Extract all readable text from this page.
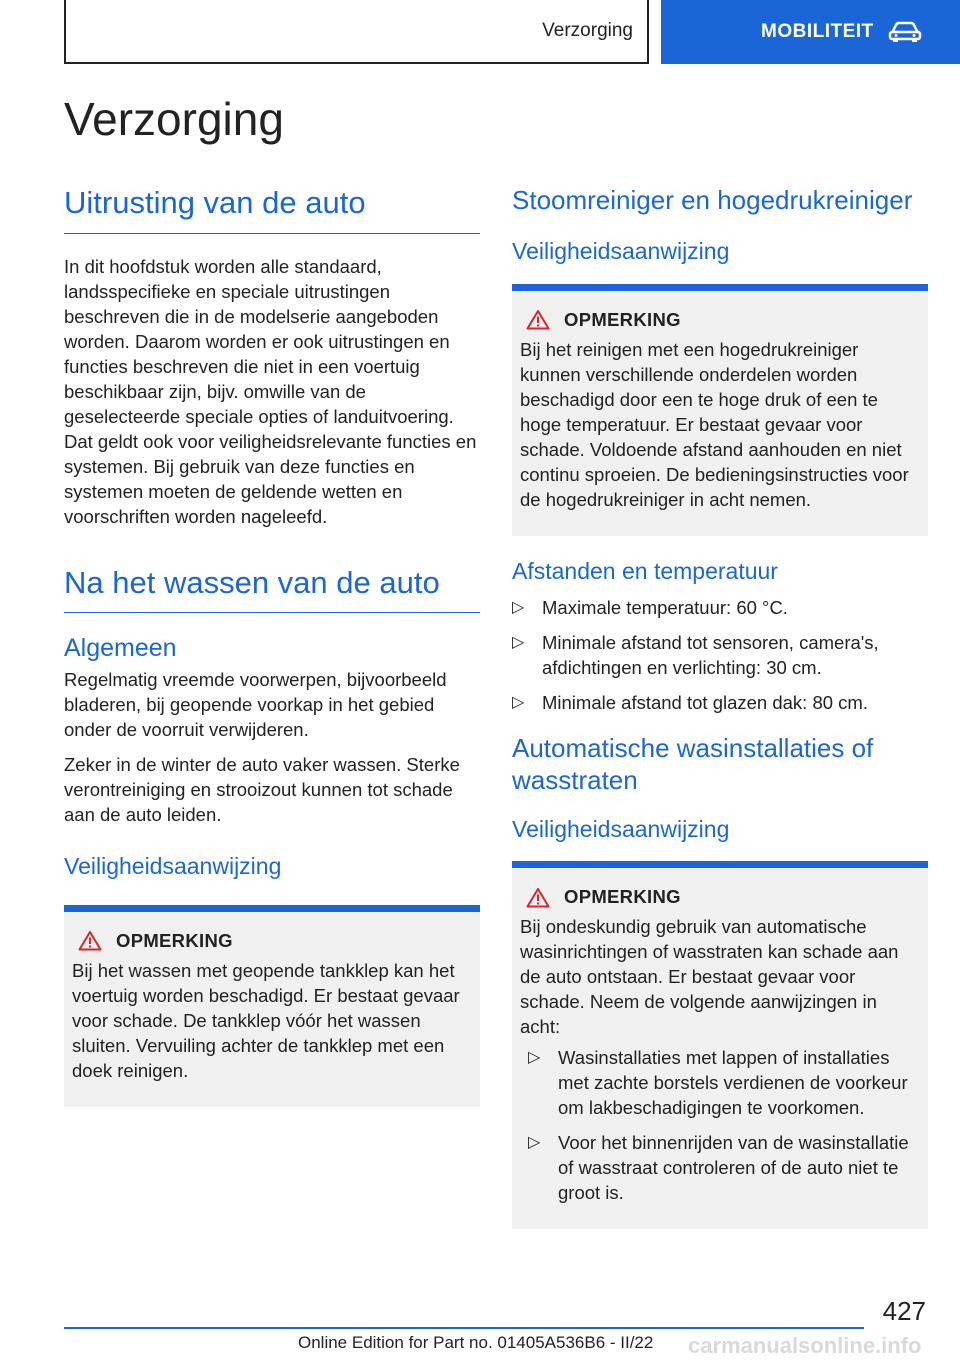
Verzorging	MOBILITEIT
Verzorging
Uitrusting van de auto

In dit hoofdstuk worden alle standaard, landsspecifieke en speciale uitrustingen beschreven die in de modelserie aangeboden worden. Daarom worden er ook uitrustingen en functies beschreven die niet in een voertuig beschikbaar zijn, bijv. omwille van de geselecteerde speciale opties of landuitvoering. Dat geldt ook voor veiligheidsrelevante functies en systemen. Bij gebruik van deze functies en systemen moeten de geldende wetten en voorschriften worden nageleefd.

Na het wassen van de auto
Algemeen

Regelmatig vreemde voorwerpen, bijvoorbeeld bladeren, bij geopende voorkap in het gebied onder de voorruit verwijderen.

Zeker in de winter de auto vaker wassen. Sterke verontreiniging en strooizout kunnen tot schade aan de auto leiden.

Veiligheidsaanwijzing
OPMERKING

Bij het wassen met geopende tankklep kan het voertuig worden beschadigd. Er bestaat gevaar voor schade. De tankklep vóór het wassen sluiten. Vervuiling achter de tankklep met een doek reinigen.

Stoomreiniger en hogedrukreiniger
Veiligheidsaanwijzing
OPMERKING

Bij het reinigen met een hogedrukreiniger kunnen verschillende onderdelen worden beschadigd door een te hoge druk of een te hoge temperatuur. Er bestaat gevaar voor schade. Voldoende afstand aanhouden en niet continu sproeien. De bedieningsinstructies voor de hogedrukreiniger in acht nemen.

Afstanden en temperatuur
▷ Maximale temperatuur: 60 °C.
▷ Minimale afstand tot sensoren, camera's, afdichtingen en verlichting: 30 cm.
▷ Minimale afstand tot glazen dak: 80 cm.
Automatische wasinstallaties of wasstraten
Veiligheidsaanwijzing
OPMERKING

Bij ondeskundig gebruik van automatische wasinrichtingen of wasstraten kan schade aan de auto ontstaan. Er bestaat gevaar voor schade. Neem de volgende aanwijzingen in acht:

▷ Wasinstallaties met lappen of installaties met zachte borstels verdienen de voorkeur om lakbeschadigingen te voorkomen.
▷ Voor het binnenrijden van de wasinstallatie of wasstraat controleren of de auto niet te groot is.
427
Online Edition for Part no. 01405A536B6 - II/22 carmanualsonline.info
